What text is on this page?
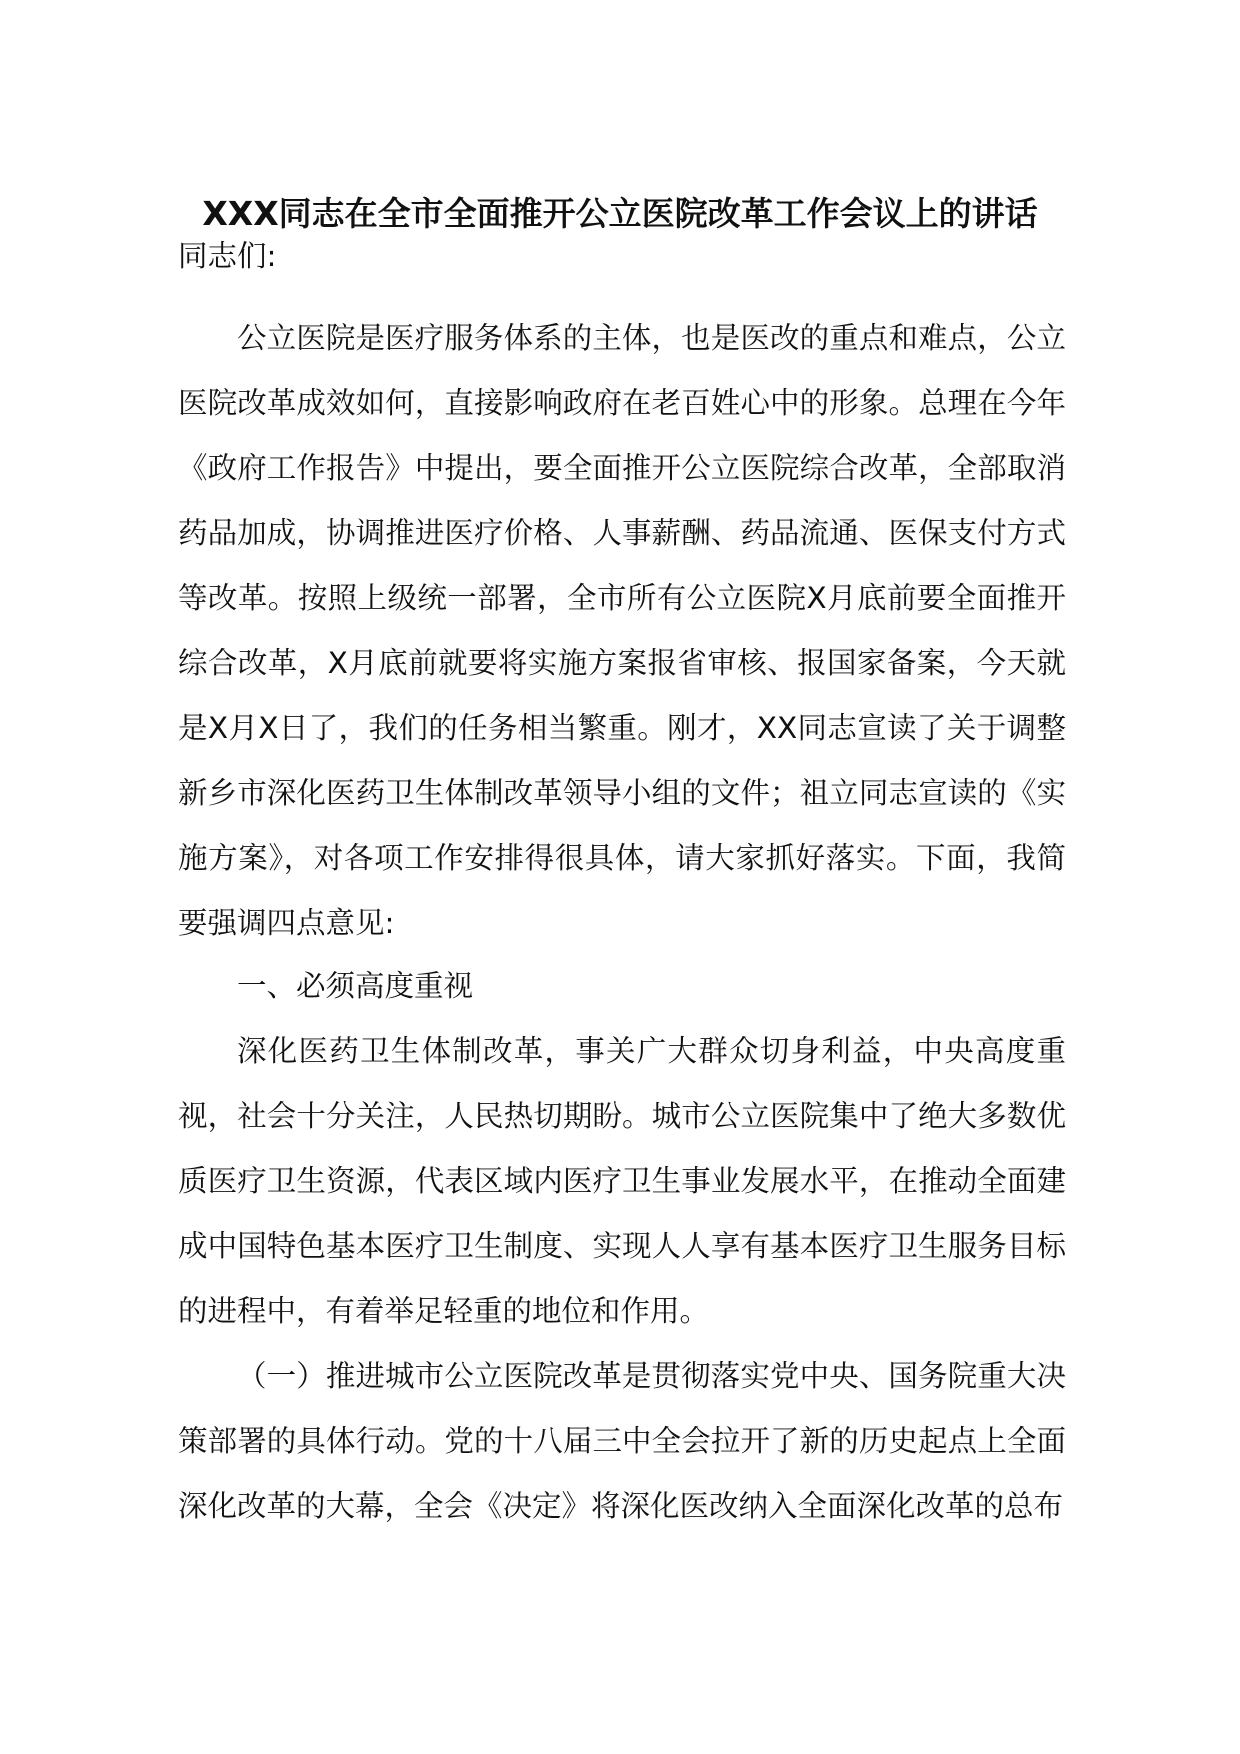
XXX同志在全市全面推开公立医院改革工作会议上的讲话
同志们:
公立医院是医疗服务体系的主体，也是医改的重点和难点，公立医院改革成效如何，直接影响政府在老百姓心中的形象。总理在今年《政府工作报告》中提出，要全面推开公立医院综合改革，全部取消药品加成，协调推进医疗价格、人事薪酬、药品流通、医保支付方式等改革。按照上级统一部署，全市所有公立医院X月底前要全面推开综合改革，X月底前就要将实施方案报省审核、报国家备案，今天就是X月X日了，我们的任务相当繁重。刚才，XX同志宣读了关于调整新乡市深化医药卫生体制改革领导小组的文件；祖立同志宣读的《实施方案》，对各项工作安排得很具体，请大家抓好落实。下面，我简要强调四点意见:
一、必须高度重视
深化医药卫生体制改革，事关广大群众切身利益，中央高度重视，社会十分关注，人民热切期盼。城市公立医院集中了绝大多数优质医疗卫生资源，代表区域内医疗卫生事业发展水平，在推动全面建成中国特色基本医疗卫生制度、实现人人享有基本医疗卫生服务目标的进程中，有着举足轻重的地位和作用。
（一）推进城市公立医院改革是贯彻落实党中央、国务院重大决策部署的具体行动。党的十八届三中全会拉开了新的历史起点上全面深化改革的大幕，全会《决定》将深化医改纳入全面深化改革的总布
